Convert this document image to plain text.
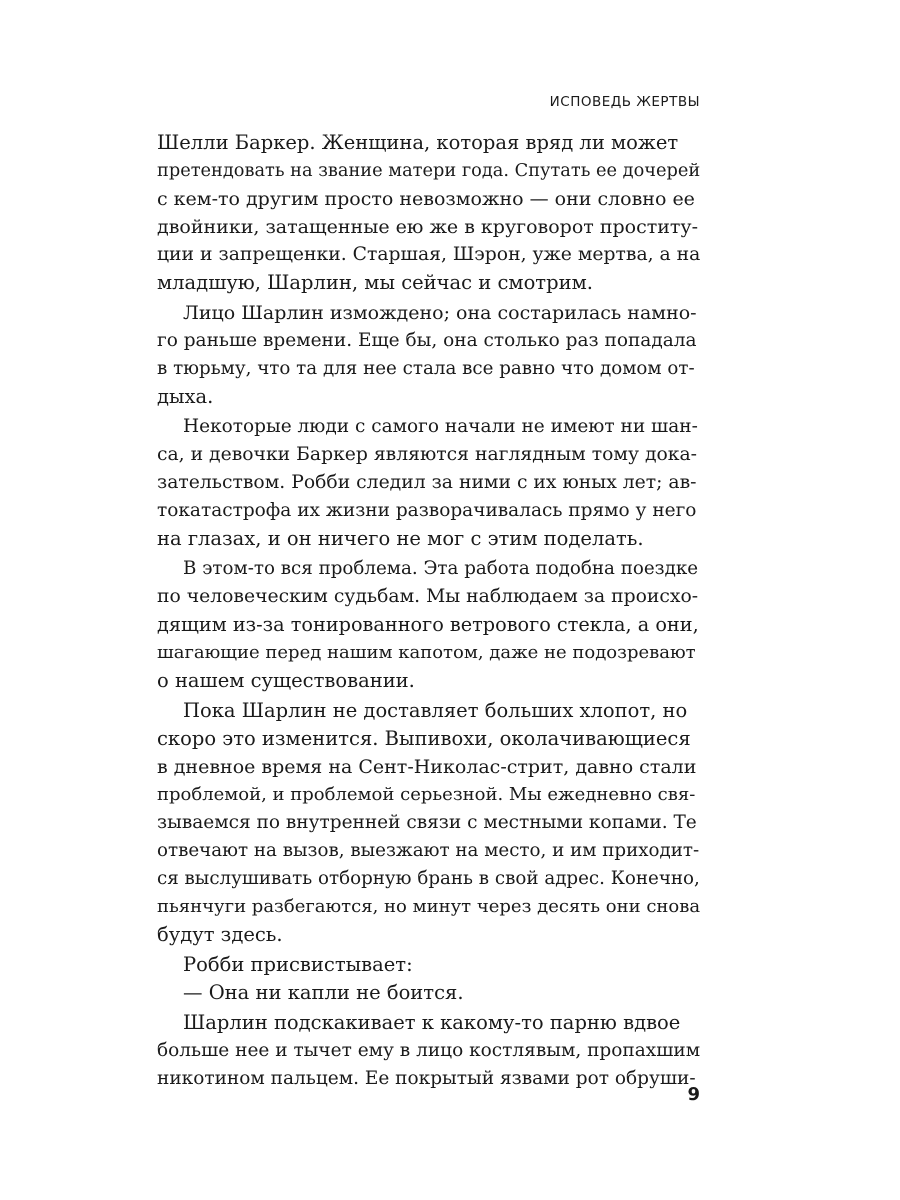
ИСПОВЕДЬ ЖЕРТВЫ
Шелли Баркер. Женщина, которая вряд ли может
претендовать на звание матери года. Спутать ее дочерей
с кем-то другим просто невозможно — они словно ее
двойники, затащенные ею же в круговорот проститу-
ции и запрещенки. Старшая, Шэрон, уже мертва, а на
младшую, Шарлин, мы сейчас и смотрим.
Лицо Шарлин измождено; она состарилась намно-
го раньше времени. Еще бы, она столько раз попадала
в тюрьму, что та для нее стала все равно что домом от-
дыха.
Некоторые люди с самого начали не имеют ни шан-
са, и девочки Баркер являются наглядным тому дока-
зательством. Робби следил за ними с их юных лет; ав-
токатастрофа их жизни разворачивалась прямо у него
на глазах, и он ничего не мог с этим поделать.
В этом-то вся проблема. Эта работа подобна поездке
по человеческим судьбам. Мы наблюдаем за происхо-
дящим из-за тонированного ветрового стекла, а они,
шагающие перед нашим капотом, даже не подозревают
о нашем существовании.
Пока Шарлин не доставляет больших хлопот, но
скоро это изменится. Выпивохи, околачивающиеся
в дневное время на Сент-Николас-стрит, давно стали
проблемой, и проблемой серьезной. Мы ежедневно свя-
зываемся по внутренней связи с местными копами. Те
отвечают на вызов, выезжают на место, и им приходит-
ся выслушивать отборную брань в свой адрес. Конечно,
пьянчуги разбегаются, но минут через десять они снова
будут здесь.
Робби присвистывает:
— Она ни капли не боится.
Шарлин подскакивает к какому-то парню вдвое
больше нее и тычет ему в лицо костлявым, пропахшим
никотином пальцем. Ее покрытый язвами рот обруши-
9
